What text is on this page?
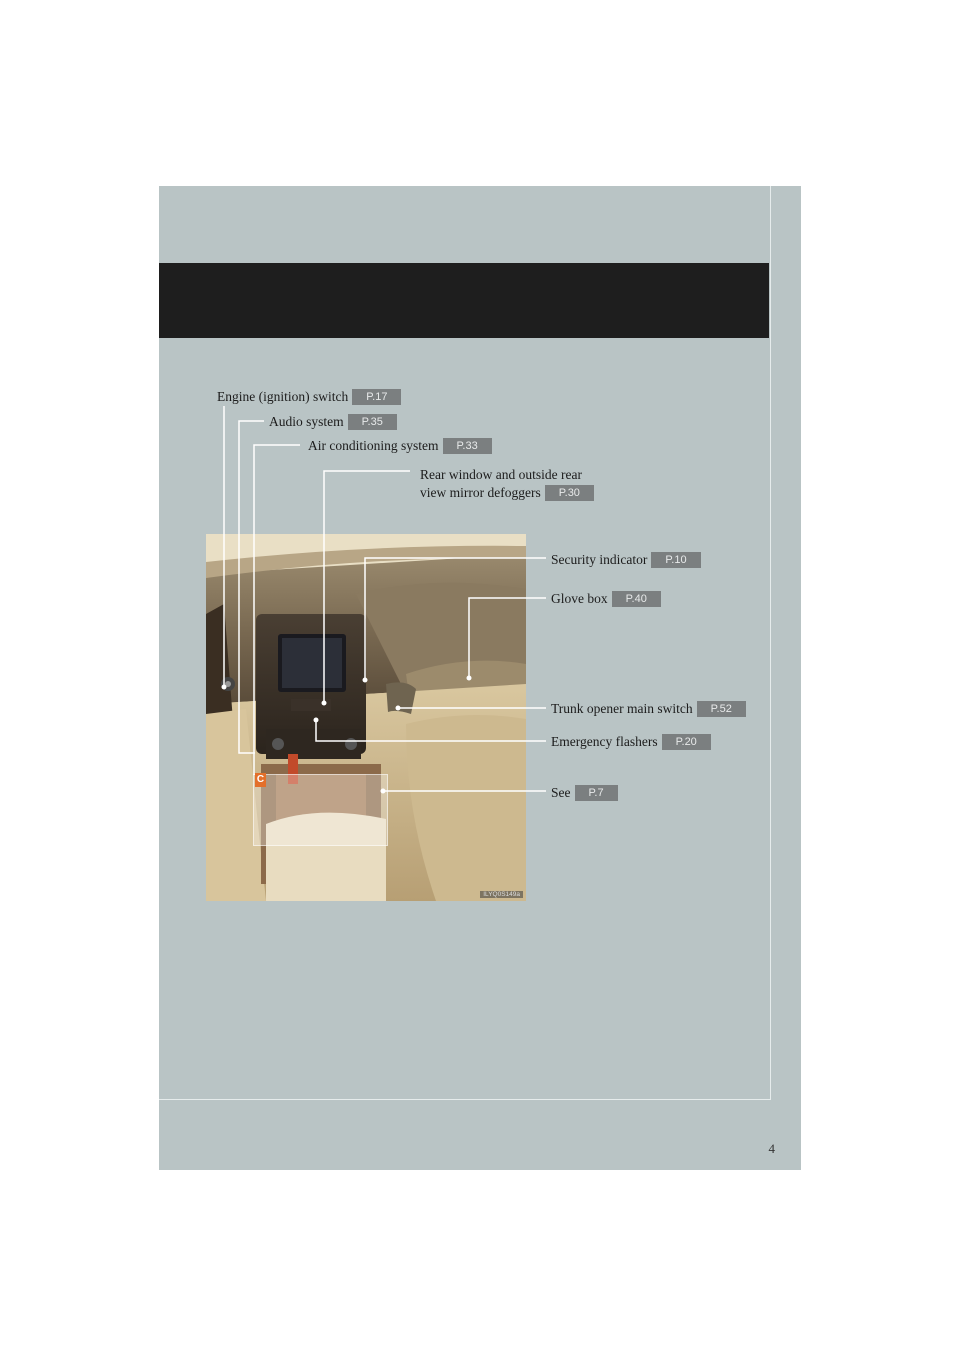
4
ILYQ0S149a
C
Engine (ignition) switch	P.17
Audio system	P.35
Air conditioning system	P.33
Rear window and outside rear
view mirror defoggers	P.30
Security indicator	P.10
Glove box	P.40
Trunk opener main switch	P.52
Emergency flashers	P.20
See	P.7
